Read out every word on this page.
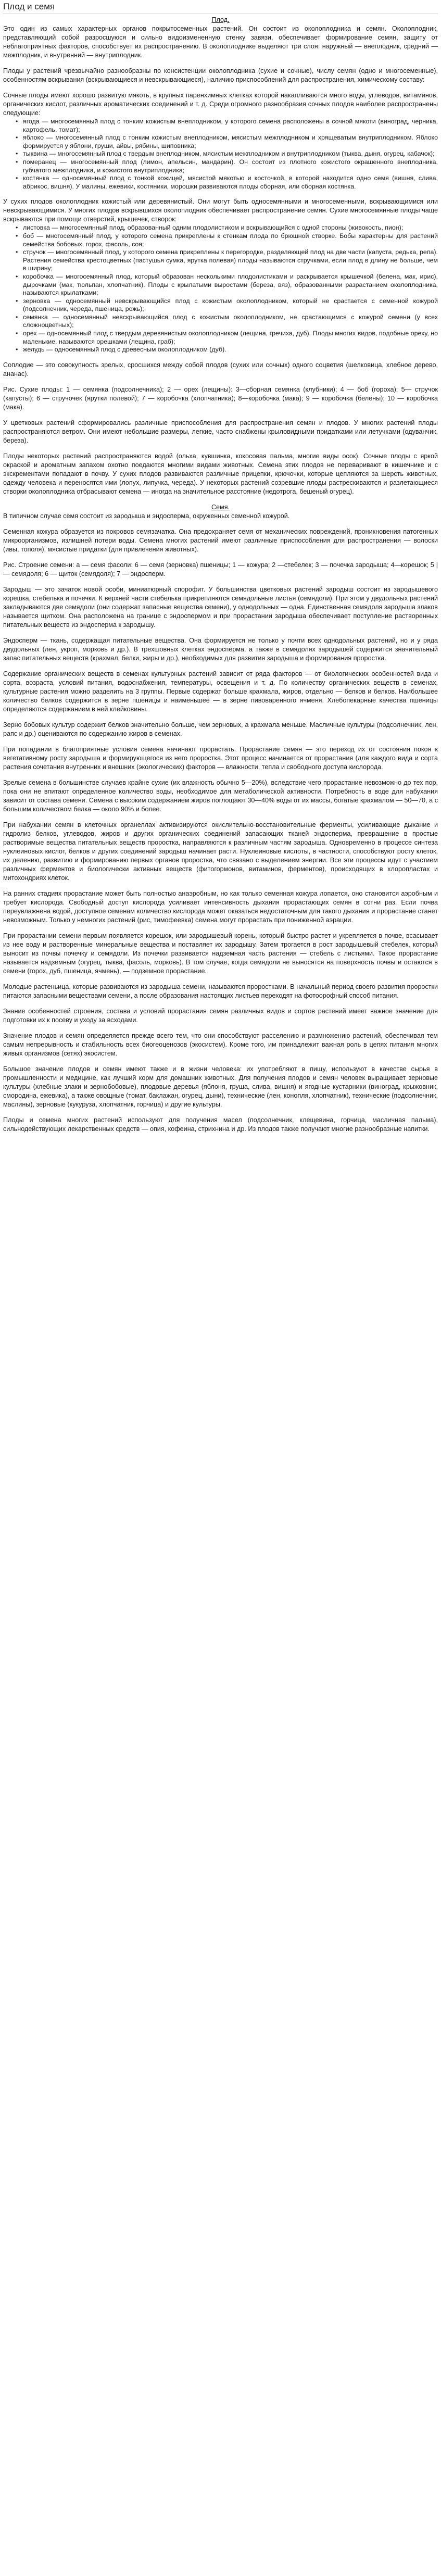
Плод и семя
Плод.

Это один из самых характерных органов покрытосеменных растений. Он состоит из околоплодника и семян. Околоплодник, представляющий собой разросшуюся и сильно видоизмененную стенку завязи, обеспечивает формирование семян, защиту от неблагоприятных факторов, способствует их распространению. В околоплоднике выделяют три слоя: наружный — внеплодник, средний — межплодник, и внутренний — внутриплодник.

Плоды у растений чрезвычайно разнообразны по консистенции околоплодника (сухие и сочные), числу семян (одно и многосеменные), особенностям вскрывания (вскрывающиеся и невскрывающиеся), наличию приспособлений для распространения, химическому составу:

Сочные плоды имеют хорошо развитую мякоть, в крупных паренхимных клетках которой накапливаются много воды, углеводов, витаминов, органических кислот, различных ароматических соединений и т. д. Среди огромного разнообразия сочных плодов наиболее распространены следующие:

• ягода — многосемянный плод с тонким кожистым внеплодником, у которого семена расположены в сочной мякоти (виноград, черника, картофель, томат);
• яблоко — многосемянный плод с тонким кожистым внеплодником, мясистым межплодником и хрящеватым внутриплодником. Яблоко формируется у яблони, груши, айвы, рябины, шиповника;
• тыквина — многосемянный плод с твердым внеплодником, мясистым межплодником и внутриплодником (тыква, дыня, огурец, кабачок);
• померанец — многосемянный плод (лимон, апельсин, мандарин). Он состоит из плотного кожистого окрашенного внеплодника, губчатого межплодника, и кожистого внутриплодника;
• костянка — односемянный плод с тонкой кожицей, мясистой мякотью и косточкой, в которой находится одно семя (вишня, слива, абрикос, вишня). У малины, ежевики, костяники, морошки развиваются плоды сборная, или сборная костянка.

У сухих плодов околоплодник кожистый или деревянистый. Они могут быть односемянными и многосеменными, вскрывающимися или невскрывающимися. У многих плодов вскрывшихся околоплодник обеспечивает распространение семян. Сухие многосемянные плоды чаще вскрываются при помощи отверстий, крышечек, створок:

• листовка — многосемянный плод, образованный одним плодолистиком и вскрывающийся с одной стороны (живокость, пион);
• боб — многосемянный плод, у которого семена прикреплены к стенкам плода по брюшной створке. Бобы характерны для растений семейства бобовых, горох, фасоль, соя;
• стручок — многосемянный плод, у которого семена прикреплены к перегородке, разделяющей плод на две части (капуста, редька, репа). Растения семейства крестоцветных (пастушья сумка, ярутка полевая) плоды называются стручками, если плод в длину не больше, чем в ширину;
• коробочка — многосемянный плод, который образован несколькими плодолистиками и раскрывается крышечкой (белена, мак, ирис), дырочками (мак, тюльпан, хлопчатник). Плоды с крылатыми выростами (береза, вяз), образованными разрастанием околоплодника, называются крылатками;
• зерновка — односемянный невскрывающийся плод с кожистым околоплодником, который не срастается с семенной кожурой (подсолнечник, череда, пшеница, рожь);
• семянка — односемянный невскрывающийся плод с кожистым околоплодником, не срастающимся с кожурой семени (у всех сложноцветных);
• орех — односемянный плод с твердым деревянистым околоплодником (лещина, гречиха, дуб). Плоды многих видов, подобные ореху, но маленькие, называются орешками (лещина, граб);
• желудь — односемянный плод с древесным околоплодником (дуб).

Соплодие — это совокупность зрелых, сросшихся между собой плодов (сухих или сочных) одного соцветия (шелковица, хлебное дерево, ананас).

Рис. Сухие плоды: 1 — семянка (подсолнечника); 2 — орех (лещины): 3—сборная семянка (клубники); 4 — боб (гороха); 5— стручок (капусты); 6 — стручочек (ярутки полевой); 7 — коробочка (хлопчатника); 8—коробочка (мака); 9 — коробочка (белены); 10 — коробочка (мака).

У цветковых растений сформировались различные приспособления для распространения семян и плодов. У многих растений плоды распространяются ветром. Они имеют небольшие размеры, легкие, часто снабжены крыловидными придатками или летучками (одуванчик, береза).

Плоды некоторых растений распространяются водой (ольха, кувшинка, кокосовая пальма, многие виды осок). Сочные плоды с яркой окраской и ароматным запахом охотно поедаются многими видами животных. Семена этих плодов не переваривают в кишечнике и с экскрементами попадают в почву. У сухих плодов развиваются различные прицепки, крючочки, которые цепляются за шерсть животных, одежду человека и переносятся ими (лопух, липучка, череда). У некоторых растений созревшие плоды растрескиваются и разлетающиеся створки околоплодника отбрасывают семена — иногда на значительное расстояние (недотрога, бешеный огурец).

Семя.

В типичном случае семя состоит из зародыша и эндосперма, окруженных семенной кожурой.

Семенная кожура образуется из покровов семязачатка. Она предохраняет семя от механических повреждений, проникновения патогенных микроорганизмов, излишней потери воды. Семена многих растений имеют различные приспособления для распространения — волоски (ивы, тополя), мясистые придатки (для привлечения животных).

Рис. Строение семени: а — семя фасоли: 6 — семя (зерновка) пшеницы; 1 — кожура; 2 —стебелек; 3 — почечка зародыша; 4—корешок; 5 |— семядоля; 6 — щиток (семядоля); 7 — эндосперм.

Зародыш — это зачаток новой особи, миниатюрный спорофит. У большинства цветковых растений зародыш состоит из зародышевого корешка, стебелька и почечки. К верхней части стебелька прикрепляются семядольные листья (семядоли). При этом у двудольных растений закладываются две семядоли (они содержат запасные вещества семени), у однодольных — одна. Единственная семядоля зародыша злаков называется щитком. Она расположена на границе с эндоспермом и при прорастании зародыша обеспечивает поступление растворенных питательных веществ из эндосперма к зародышу.

Эндосперм — ткань, содержащая питательные вещества. Она формируется не только у почти всех однодольных растений, но и у ряда двудольных (лен, укроп, морковь и др.). В трехшовных клетках эндосперма, а также в семядолях зародышей содержится значительный запас питательных веществ (крахмал, белки, жиры и др.), необходимых для развития зародыша и формирования проростка.

Содержание органических веществ в семенах культурных растений зависит от ряда факторов — от биологических особенностей вида и сорта, возраста, условий питания, водоснабжения, температуры, освещения и т. д. По количеству органических веществ в семенах, культурные растения можно разделить на 3 группы. Первые содержат больше крахмала, жиров, отдельно — белков и белков. Наибольшее количество белков содержится в зерне пшеницы и наименьшее — в зерне пивоваренного ячменя. Хлебопекарные качества пшеницы определяются содержанием в ней клейковины.

Зерно бобовых культур содержит белков значительно больше, чем зерновых, а крахмала меньше. Масличные культуры (подсолнечник, лен, рапс и др.) оцениваются по содержанию жиров в семенах.

При попадании в благоприятные условия семена начинают прорастать. Прорастание семян — это переход их от состояния покоя к вегетативному росту зародыша и формирующегося из него проростка. Этот процесс начинается от прорастания (для каждого вида и сорта растения сочетания внутренних и внешних (экологических) факторов — влажности, тепла и свободного доступа кислорода.

Зрелые семена в большинстве случаев крайне сухие (их влажность обычно 5—20%), вследствие чего прорастание невозможно до тех пор, пока они не впитают определенное количество воды, необходимое для метаболической активности. Потребность в воде для набухания зависит от состава семени. Семена с высоким содержанием жиров поглощают 30—40% воды от их массы, богатые крахмалом — 50—70, а с большим количеством белка — около 90% и более.

При набухании семян в клеточных органеллах активизируются окислительно-восстановительные ферменты, усиливающие дыхание и гидролиз белков, углеводов, жиров и других органических соединений запасающих тканей эндосперма, превращение в простые растворимые вещества питательных веществ проростка, направляются к различным частям зародыша. Одновременно в процессе синтеза нуклеиновых кислот, белков и других соединений зародыш начинает расти. Нуклеиновые кислоты, в частности, способствуют росту клеток, их делению, развитию и формированию первых органов проростка, что связано с выделением энергии. Все эти процессы идут с участием различных ферментов и биологически активных веществ (фитогормонов, витаминов, ферментов), происходящих в хлоропластах и митохондриях клеток.

На ранних стадиях прорастание может быть полностью анаэробным, но как только семенная кожура лопается, оно становится аэробным и требует кислорода. Свободный доступ кислорода усиливает интенсивность дыхания прорастающих семян в сотни раз. Если почва переувлажнена водой, доступное семенам количество кислорода может оказаться недостаточным для такого дыхания и прорастание станет невозможным. Только у немногих растений (рис, тимофеевка) семена могут прорастать при пониженной аэрации.

При прорастании семени первым появляется корешок, или зародышевый корень, который быстро растет и укрепляется в почве, всасывает из нее воду и растворенные минеральные вещества и поставляет их зародышу. Затем трогается в рост зародышевый стебелек, который выносит из почвы почечку и семядоли. Из почечки развивается надземная часть растения — стебель с листьями. Такое прорастание называется надземным (огурец, тыква, фасоль, морковь). В том случае, когда семядоли не выносятся на поверхность почвы и остаются в семени (горох, дуб, пшеница, ячмень), — подземное прорастание.

Молодые растеньица, которые развиваются из зародыша семени, называются проростками. В начальный период своего развития проростки питаются запасными веществами семени, а после образования настоящих листьев переходят на фотоорофный способ питания.

Знание особенностей строения, состава и условий прорастания семян различных видов и сортов растений имеет важное значение для подготовки их к посеву и уходу за всходами.

Значение плодов и семян определяется прежде всего тем, что они способствуют расселению и размножению растений, обеспечивая тем самым непрерывность и стабильность всех биогеоценозов (экосистем). Кроме того, им принадлежит важная роль в цепях питания многих живых организмов (сетях) экосистем.

Большое значение плодов и семян имеют также и в жизни человека: их употребляют в пищу, используют в качестве сырья в промышленности и медицине, как лучший корм для домашних животных. Для получения плодов и семян человек выращивает зерновые культуры (хлебные злаки и зернобобовые), плодовые деревья (яблоня, груша, слива, вишня) и ягодные кустарники (виноград, крыжовник, смородина, ежевика), а также овощные (томат, баклажан, огурец, дыни), технические (лен, конопля, хлопчатник), технические (подсолнечник, маслины), зерновые (кукуруза, хлопчатник, горчица) и другие культуры.

Плоды и семена многих растений используют для получения масел (подсолнечник, клещевина, горчица, масличная пальма), сильнодействующих лекарственных средств — опия, кофеина, стрихнина и др. Из плодов также получают многие разнообразные напитки.
